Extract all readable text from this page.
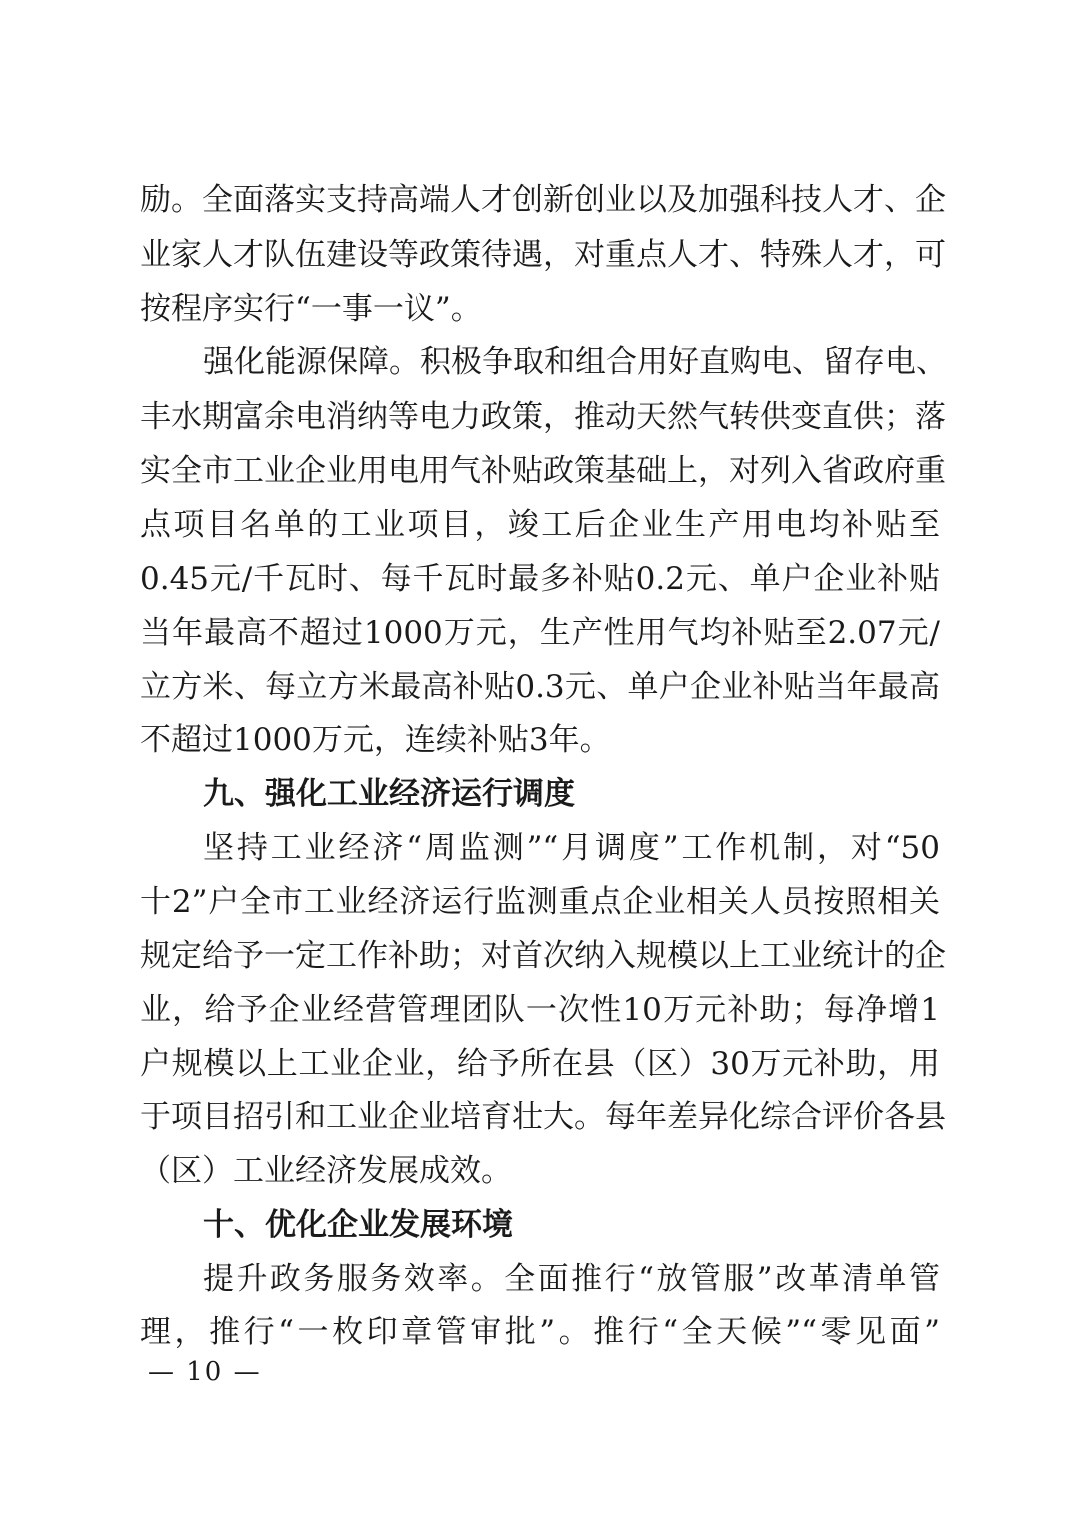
励。全面落实支持高端人才创新创业以及加强科技人才、企
业家人才队伍建设等政策待遇，对重点人才、特殊人才，可
按程序实行“一事一议”。
强化能源保障。积极争取和组合用好直购电、留存电、
丰水期富余电消纳等电力政策，推动天然气转供变直供；落
实全市工业企业用电用气补贴政策基础上，对列入省政府重
点项目名单的工业项目，竣工后企业生产用电均补贴至
0.45元/千瓦时、每千瓦时最多补贴0.2元、单户企业补贴
当年最高不超过1000万元，生产性用气均补贴至2.07元/
立方米、每立方米最高补贴0.3元、单户企业补贴当年最高
不超过1000万元，连续补贴3年。
九、强化工业经济运行调度
坚持工业经济“周监测”“月调度”工作机制，对“50
十2”户全市工业经济运行监测重点企业相关人员按照相关
规定给予一定工作补助；对首次纳入规模以上工业统计的企
业，给予企业经营管理团队一次性10万元补助；每净增1
户规模以上工业企业，给予所在县（区）30万元补助，用
于项目招引和工业企业培育壮大。每年差异化综合评价各县
（区）工业经济发展成效。
十、优化企业发展环境
提升政务服务效率。全面推行“放管服”改革清单管
理，推行“一枚印章管审批”。推行“全天候”“零见面”
— 10 —
